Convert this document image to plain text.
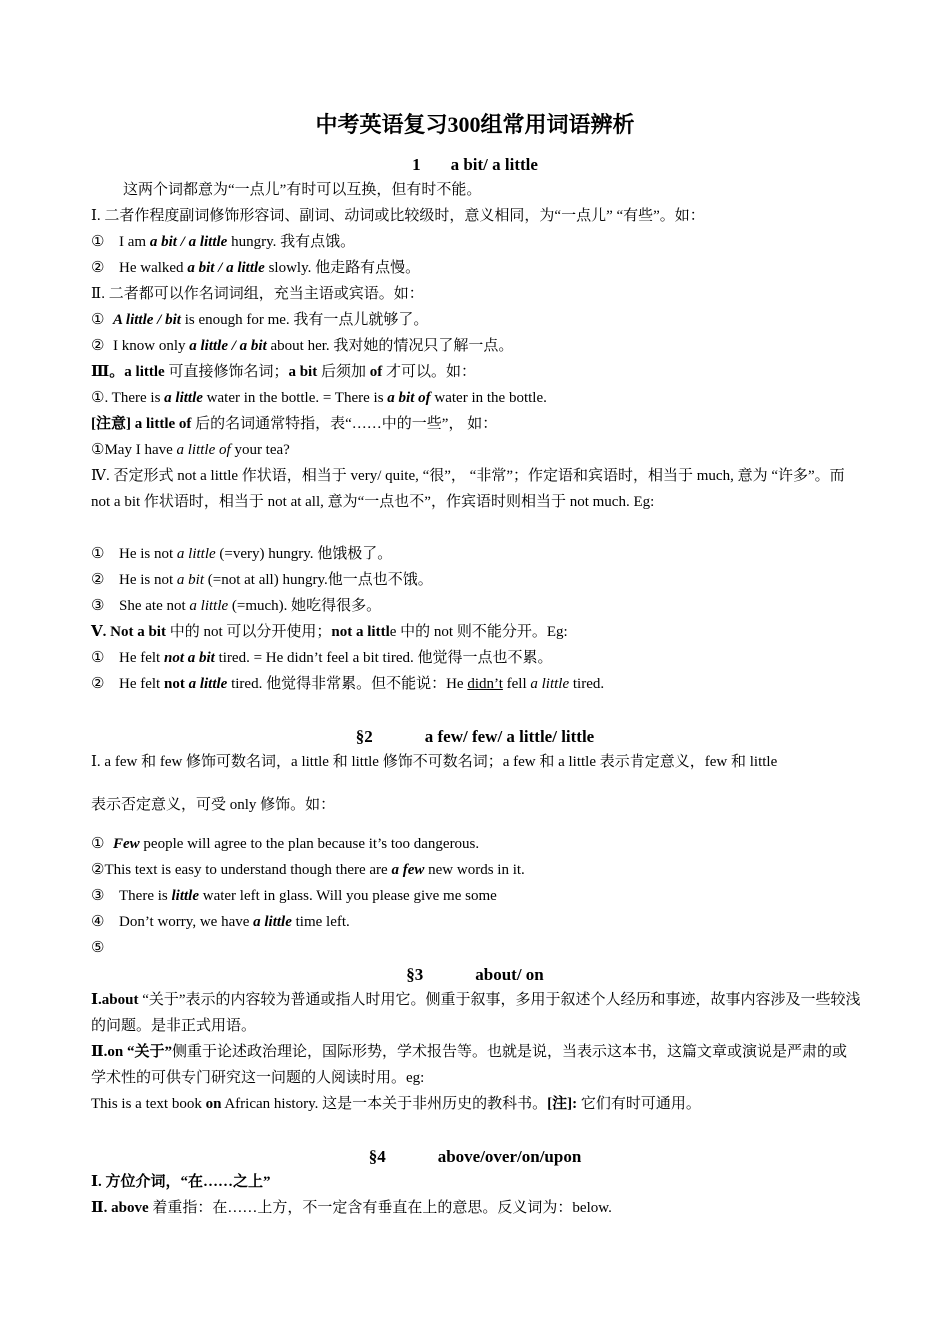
中考英语复习300组常用词语辨析
1 a bit/ a little
这两个词都意为“一点儿”有时可以互换，但有时不能。
Ⅰ. 二者作程度副词修饰形容词、副词、动词或比较级时，意义相同，为“一点儿” “有些”。如：
① I am a bit / a little hungry. 我有点饿。
② He walked a bit / a little slowly. 他走路有点慢。
Ⅱ. 二者都可以作名词词组，充当主语或宾语。如：
① A little / bit is enough for me. 我有一点儿就够了。
② I know only a little / a bit about her. 我对她的情况只了解一点。
Ⅲ。a little 可直接修饰名词；a bit 后须加 of 才可以。如：
①. There is a little water in the bottle. = There is a bit of water in the bottle.
[注意] a little of 后的名词通常特指，表“……中的一些”， 如：
①May I have a little of your tea?
Ⅳ. 否定形式 not a little 作状语，相当于 very/ quite, “很”， “非常”；作定语和宾语时，相当于 much, 意为 “许多”。而 not a bit 作状语时，相当于 not at all, 意为“一点也不”，作宾语时则相当于 not much. Eg:
① He is not a little (=very) hungry. 他饿极了。
② He is not a bit (=not at all) hungry.他一点也不饿。
③ She ate not a little (=much). 她吃得很多。
Ⅴ. Not a bit 中的 not 可以分开使用；not a little 中的 not 则不能分开。Eg:
① He felt not a bit tired. = He didn’t feel a bit tired. 他觉得一点也不累。
② He felt not a little tired. 他觉得非常累。但不能说：He didn’t fell a little tired.
§2	a few/ few/ a little/ little
Ⅰ. a few 和 few 修饰可数名词，a little 和 little 修饰不可数名词；a few 和 a little 表示肯定意义，few 和 little
表示否定意义，可受 only 修饰。如：
① Few people will agree to the plan because it’s too dangerous.
②This text is easy to understand though there are a few new words in it.
③ There is little water left in glass. Will you please give me some
④ Don’t worry, we have a little time left.
⑤
§3	about/ on
Ⅰ.about “关于”表示的内容较为普通或指人时用它。侧重于叙事，多用于叙述个人经历和事迹，故事内容涉及一些较浅的问题。是非正式用语。
Ⅱ.on “关于”侧重于论述政治理论，国际形势，学术报告等。也就是说，当表示这本书，这篇文章或演说是严肃的或学术性的可供专门研究这一问题的人阅读时用。eg:
This is a text book on African history. 这是一本关于非州历史的教科书。[注]: 它们有时可通用。
§4	above/over/on/upon
Ⅰ. 方位介词，“在……之上”
Ⅱ. above 着重指：在……上方，不一定含有垂直在上的意思。反义词为：below.
